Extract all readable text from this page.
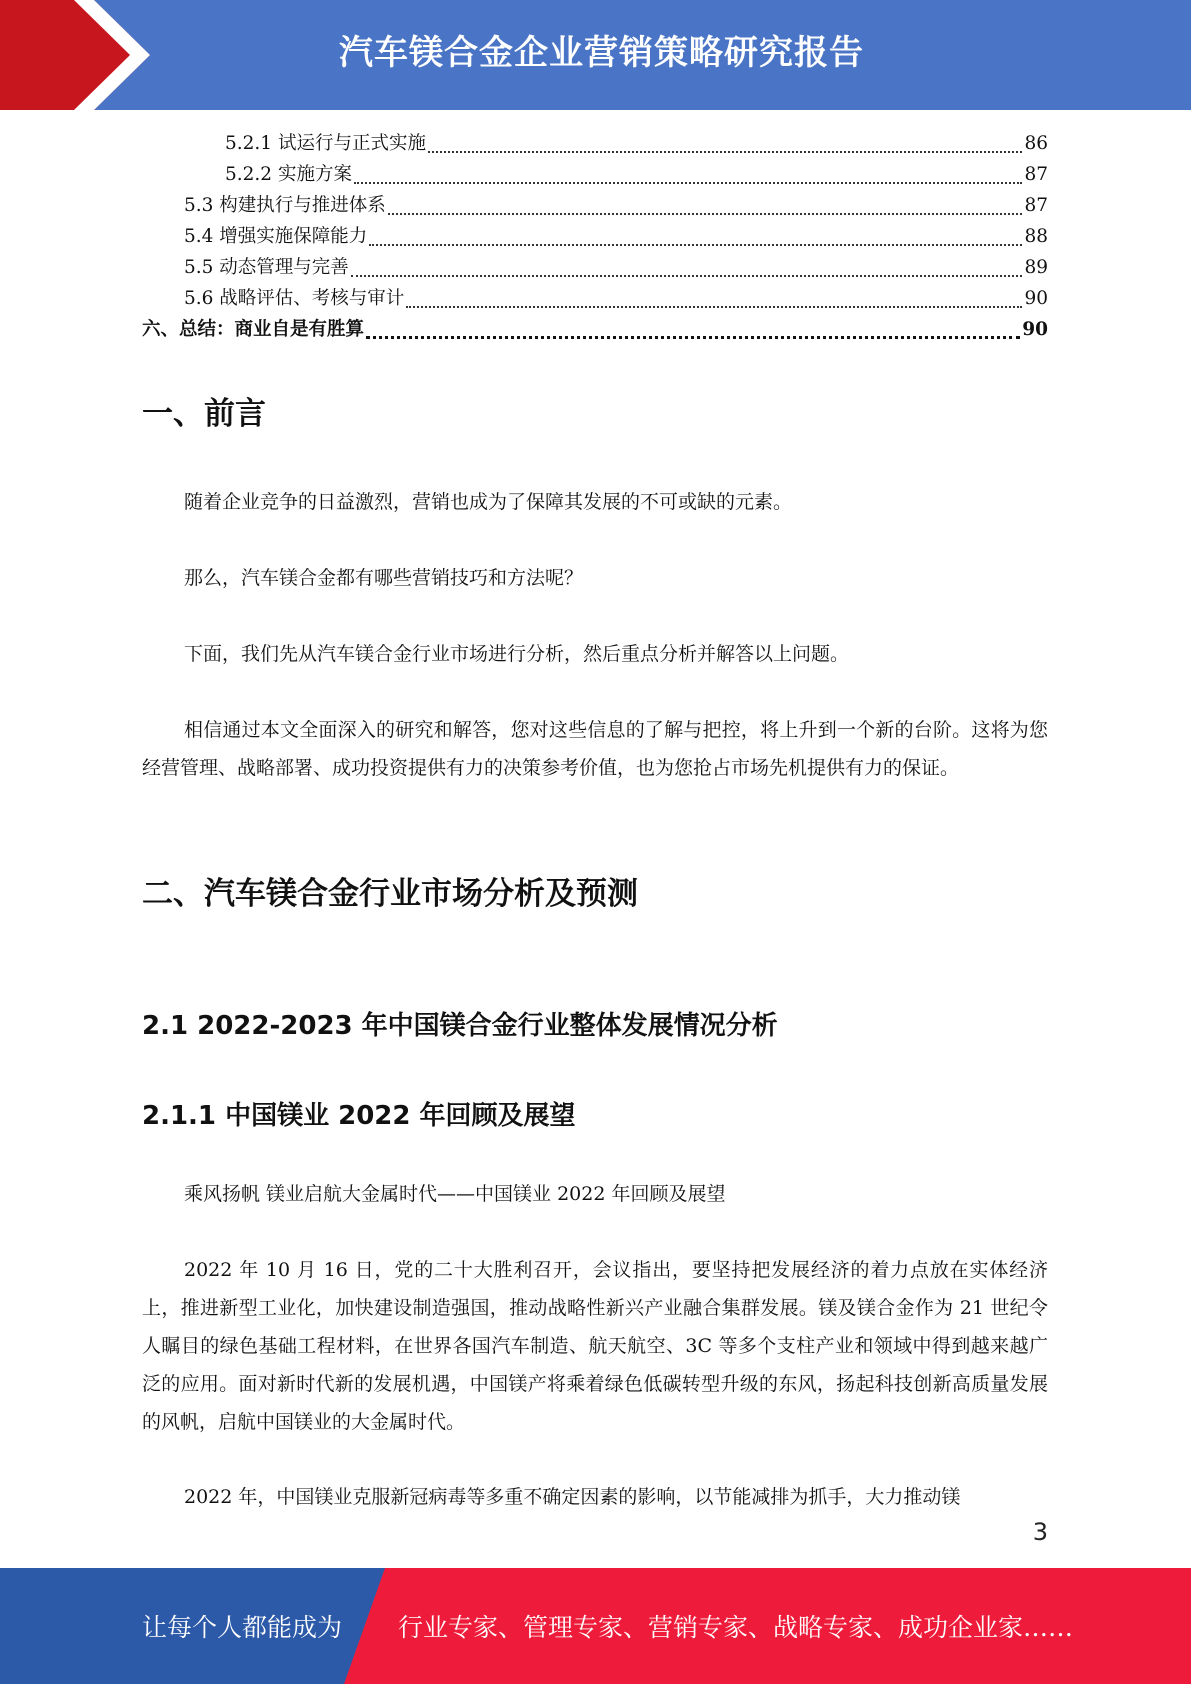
汽车镁合金企业营销策略研究报告
5.2.1 试运行与正式实施	86
5.2.2 实施方案	87
5.3 构建执行与推进体系	87
5.4 增强实施保障能力	88
5.5 动态管理与完善	89
5.6 战略评估、考核与审计	90
六、总结：商业自是有胜算	90
一、前言

随着企业竞争的日益激烈，营销也成为了保障其发展的不可或缺的元素。

那么，汽车镁合金都有哪些营销技巧和方法呢？

下面，我们先从汽车镁合金行业市场进行分析，然后重点分析并解答以上问题。

相信通过本文全面深入的研究和解答，您对这些信息的了解与把控，将上升到一个新的台阶。这将为您经营管理、战略部署、成功投资提供有力的决策参考价值，也为您抢占市场先机提供有力的保证。

二、汽车镁合金行业市场分析及预测
2.1 2022-2023 年中国镁合金行业整体发展情况分析
2.1.1 中国镁业 2022 年回顾及展望

乘风扬帆 镁业启航大金属时代——中国镁业 2022 年回顾及展望

2022 年 10 月 16 日，党的二十大胜利召开，会议指出，要坚持把发展经济的着力点放在实体经济上，推进新型工业化，加快建设制造强国，推动战略性新兴产业融合集群发展。镁及镁合金作为 21 世纪令人瞩目的绿色基础工程材料，在世界各国汽车制造、航天航空、3C 等多个支柱产业和领域中得到越来越广泛的应用。面对新时代新的发展机遇，中国镁产将乘着绿色低碳转型升级的东风，扬起科技创新高质量发展的风帆，启航中国镁业的大金属时代。

2022 年，中国镁业克服新冠病毒等多重不确定因素的影响，以节能减排为抓手，大力推动镁

3
让每个人都能成为 行业专家、管理专家、营销专家、战略专家、成功企业家……
